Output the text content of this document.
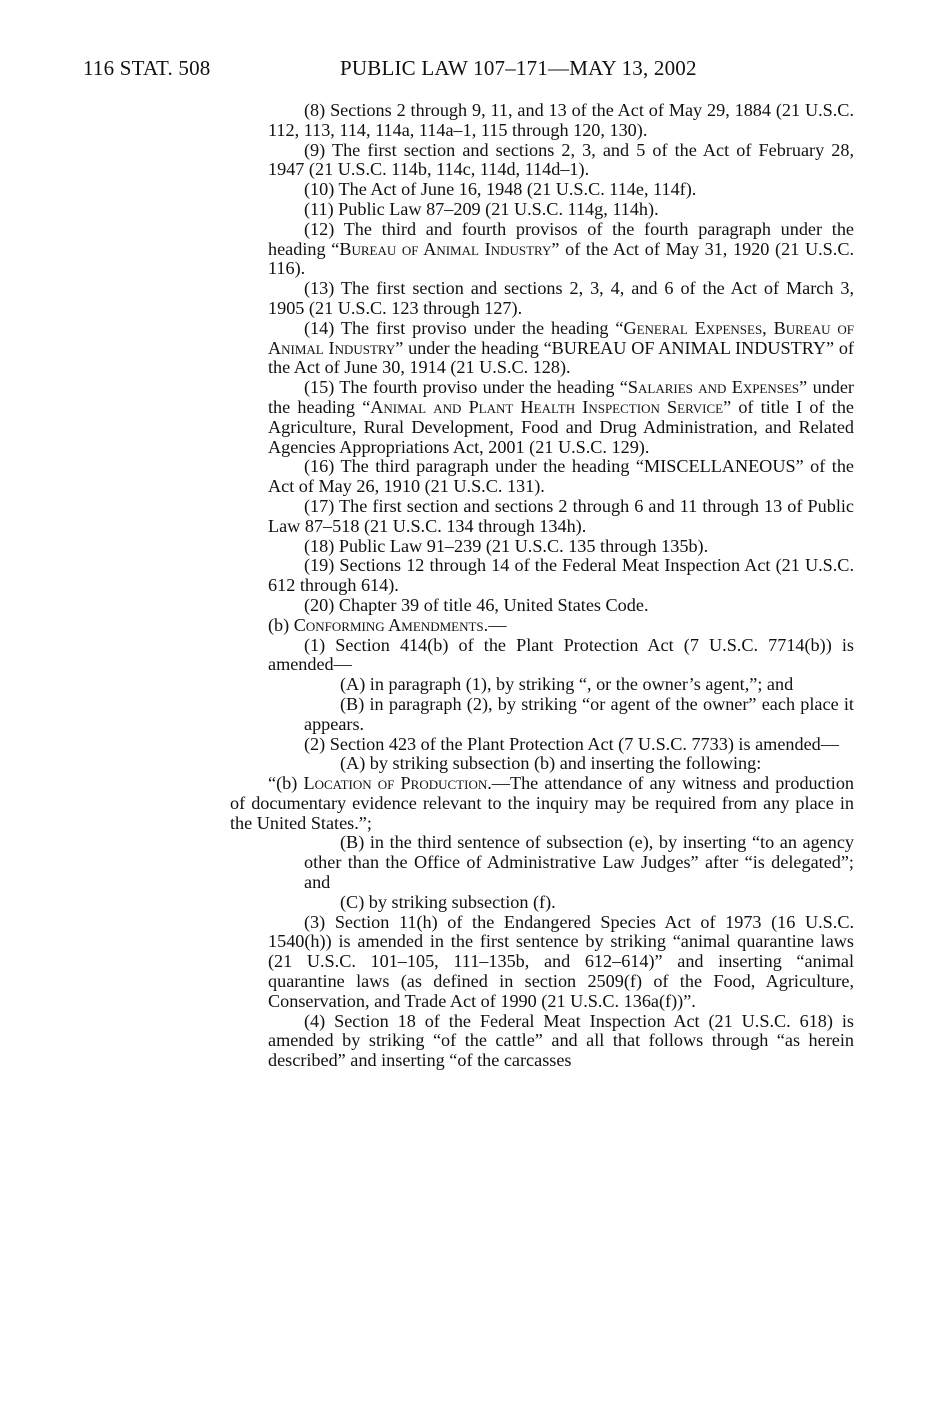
116 STAT. 508	PUBLIC LAW 107–171—MAY 13, 2002

(8) Sections 2 through 9, 11, and 13 of the Act of May 29, 1884 (21 U.S.C. 112, 113, 114, 114a, 114a–1, 115 through 120, 130).

(9) The first section and sections 2, 3, and 5 of the Act of February 28, 1947 (21 U.S.C. 114b, 114c, 114d, 114d–1).

(10) The Act of June 16, 1948 (21 U.S.C. 114e, 114f).

(11) Public Law 87–209 (21 U.S.C. 114g, 114h).

(12) The third and fourth provisos of the fourth paragraph under the heading “Bureau of Animal Industry” of the Act of May 31, 1920 (21 U.S.C. 116).

(13) The first section and sections 2, 3, 4, and 6 of the Act of March 3, 1905 (21 U.S.C. 123 through 127).

(14) The first proviso under the heading “General Expenses, Bureau of Animal Industry” under the heading “BUREAU OF ANIMAL INDUSTRY” of the Act of June 30, 1914 (21 U.S.C. 128).

(15) The fourth proviso under the heading “Salaries and Expenses” under the heading “Animal and Plant Health Inspection Service” of title I of the Agriculture, Rural Development, Food and Drug Administration, and Related Agencies Appropriations Act, 2001 (21 U.S.C. 129).

(16) The third paragraph under the heading “MISCELLANEOUS” of the Act of May 26, 1910 (21 U.S.C. 131).

(17) The first section and sections 2 through 6 and 11 through 13 of Public Law 87–518 (21 U.S.C. 134 through 134h).

(18) Public Law 91–239 (21 U.S.C. 135 through 135b).

(19) Sections 12 through 14 of the Federal Meat Inspection Act (21 U.S.C. 612 through 614).

(20) Chapter 39 of title 46, United States Code.

(b) Conforming Amendments.—

(1) Section 414(b) of the Plant Protection Act (7 U.S.C. 7714(b)) is amended—

(A) in paragraph (1), by striking “, or the owner’s agent,”; and

(B) in paragraph (2), by striking “or agent of the owner” each place it appears.

(2) Section 423 of the Plant Protection Act (7 U.S.C. 7733) is amended—

(A) by striking subsection (b) and inserting the following:

“(b) Location of Production.—The attendance of any witness and production of documentary evidence relevant to the inquiry may be required from any place in the United States.”;

(B) in the third sentence of subsection (e), by inserting “to an agency other than the Office of Administrative Law Judges” after “is delegated”; and

(C) by striking subsection (f).

(3) Section 11(h) of the Endangered Species Act of 1973 (16 U.S.C. 1540(h)) is amended in the first sentence by striking “animal quarantine laws (21 U.S.C. 101–105, 111–135b, and 612–614)” and inserting “animal quarantine laws (as defined in section 2509(f) of the Food, Agriculture, Conservation, and Trade Act of 1990 (21 U.S.C. 136a(f))”.

(4) Section 18 of the Federal Meat Inspection Act (21 U.S.C. 618) is amended by striking “of the cattle” and all that follows through “as herein described” and inserting “of the carcasses
